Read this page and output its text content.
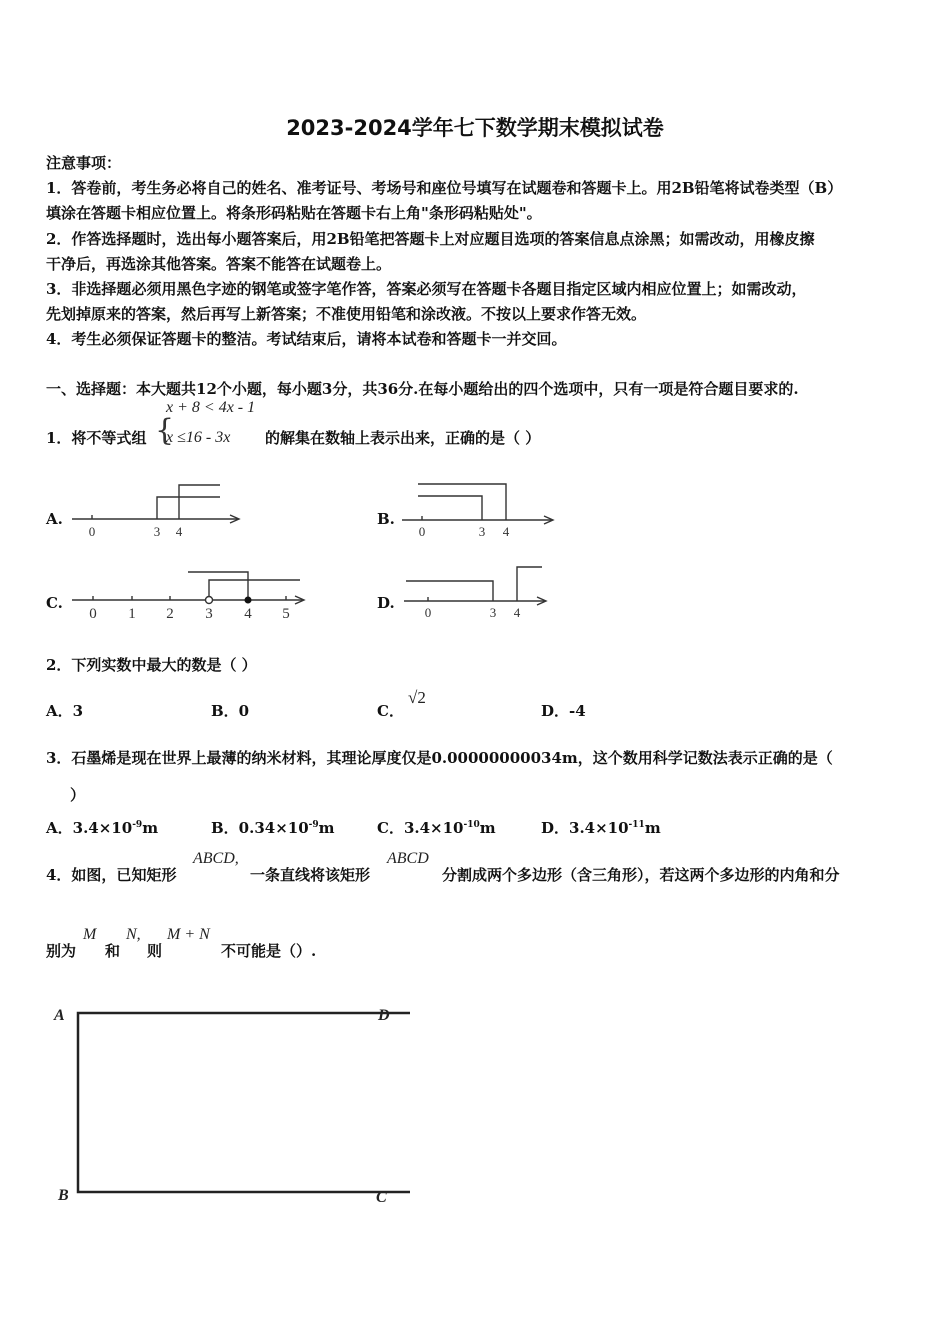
2023-2024学年七下数学期末模拟试卷
注意事项：
1．答卷前，考生务必将自己的姓名、准考证号、考场号和座位号填写在试题卷和答题卡上。用2B铅笔将试卷类型（B）
填涂在答题卡相应位置上。将条形码粘贴在答题卡右上角"条形码粘贴处"。
2．作答选择题时，选出每小题答案后，用2B铅笔把答题卡上对应题目选项的答案信息点涂黑；如需改动，用橡皮擦
干净后，再选涂其他答案。答案不能答在试题卷上。
3．非选择题必须用黑色字迹的钢笔或签字笔作答，答案必须写在答题卡各题目指定区域内相应位置上；如需改动，
先划掉原来的答案，然后再写上新答案；不准使用铅笔和涂改液。不按以上要求作答无效。
4．考生必须保证答题卡的整洁。考试结束后，请将本试卷和答题卡一并交回。
一、选择题：本大题共12个小题，每小题3分，共36分.在每小题给出的四个选项中，只有一项是符合题目要求的.
1．将不等式组 {
x + 8 < 4x - 1
x ≤16 - 3x 的解集在数轴上表示出来，正确的是（ ）
A.
0	3 4
B.
0	3 4
C.
0 1 2 3 4 5
D.
0	3 4
2．下列实数中最大的数是（ ）
A．3	B．0	C．
√2
D．-4
3．石墨烯是现在世界上最薄的纳米材料，其理论厚度仅是0.00000000034m，这个数用科学记数法表示正确的是（
）
A．$3.4\times 10^{-9}m$	B．$0.34\times 10^{-9}m$	C．$3.4\times 10^{-10}m$	D．$3.4\times 10^{-11}m$
4．如图，已知矩形
ABCD,
一条直线将该矩形
ABCD
分割成两个多边形（含三角形），若这两个多边形的内角和分
别为
M
和
N,
则
M + N
不可能是（）.
A	D
B	C
